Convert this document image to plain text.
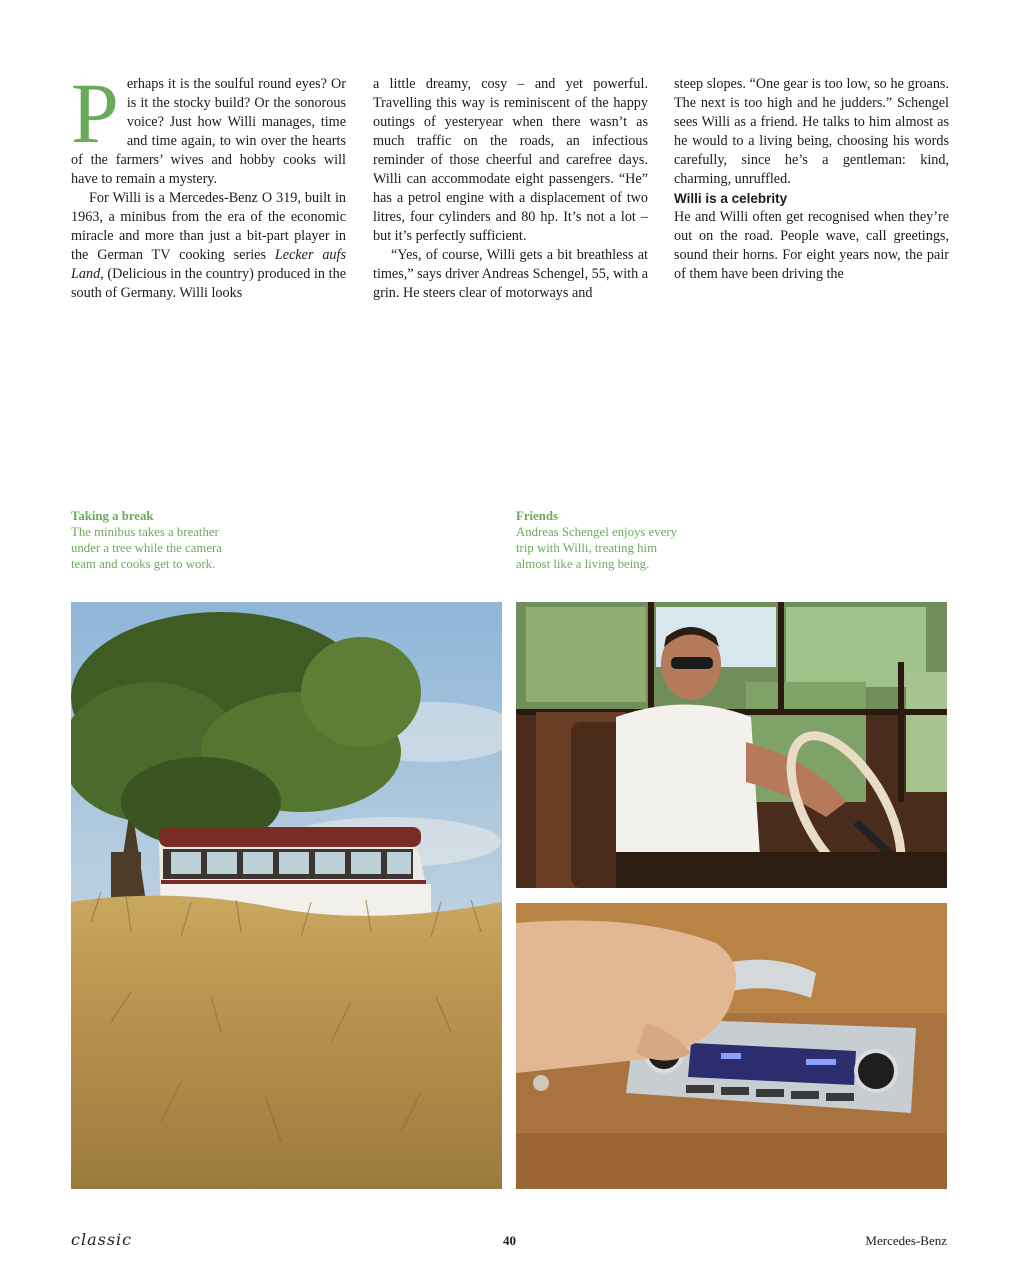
Perhaps it is the soulful round eyes? Or is it the stocky build? Or the sonorous voice? Just how Willi manages, time and time again, to win over the hearts of the farmers’ wives and hobby cooks will have to remain a mystery.

For Willi is a Mercedes-Benz O 319, built in 1963, a minibus from the era of the economic miracle and more than just a bit-part player in the German TV cooking series Lecker aufs Land, (Delicious in the country) produced in the south of Germany. Willi looks

a little dreamy, cosy – and yet powerful. Travelling this way is reminiscent of the happy outings of yesteryear when there wasn’t as much traffic on the roads, an infectious reminder of those cheerful and carefree days. Willi can accommodate eight passengers. “He” has a petrol engine with a displacement of two litres, four cylinders and 80 hp. It’s not a lot – but it’s perfectly sufficient.

“Yes, of course, Willi gets a bit breathless at times,” says driver Andreas Schengel, 55, with a grin. He steers clear of motorways and

steep slopes. “One gear is too low, so he groans. The next is too high and he judders.” Schengel sees Willi as a friend. He talks to him almost as he would to a living being, choosing his words carefully, since he’s a gentleman: kind, charming, unruffled.

Willi is a celebrity

He and Willi often get recognised when they’re out on the road. People wave, call greetings, sound their horns. For eight years now, the pair of them have been driving the

Taking a break
The minibus takes a breather under a tree while the camera team and cooks get to work.
Friends
Andreas Schengel enjoys every trip with Willi, treating him almost like a living being.
classic	40	Mercedes-Benz
